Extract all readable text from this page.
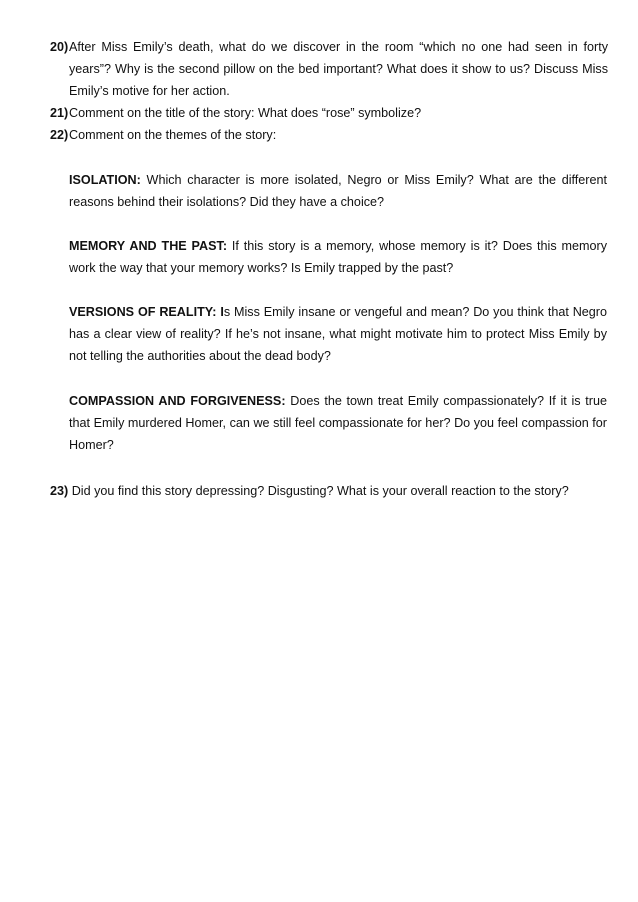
20) After Miss Emily’s death, what do we discover in the room “which no one had seen in forty years”? Why is the second pillow on the bed important? What does it show to us? Discuss Miss Emily’s motive for her action.
21) Comment on the title of the story: What does “rose” symbolize?
22) Comment on the themes of the story:
ISOLATION: Which character is more isolated, Negro or Miss Emily? What are the different reasons behind their isolations? Did they have a choice?
MEMORY AND THE PAST: If this story is a memory, whose memory is it? Does this memory work the way that your memory works? Is Emily trapped by the past?
VERSIONS OF REALITY: Is Miss Emily insane or vengeful and mean? Do you think that Negro has a clear view of reality? If he’s not insane, what might motivate him to protect Miss Emily by not telling the authorities about the dead body?
COMPASSION AND FORGIVENESS: Does the town treat Emily compassionately? If it is true that Emily murdered Homer, can we still feel compassionate for her? Do you feel compassion for Homer?
23) Did you find this story depressing? Disgusting? What is your overall reaction to the story?
